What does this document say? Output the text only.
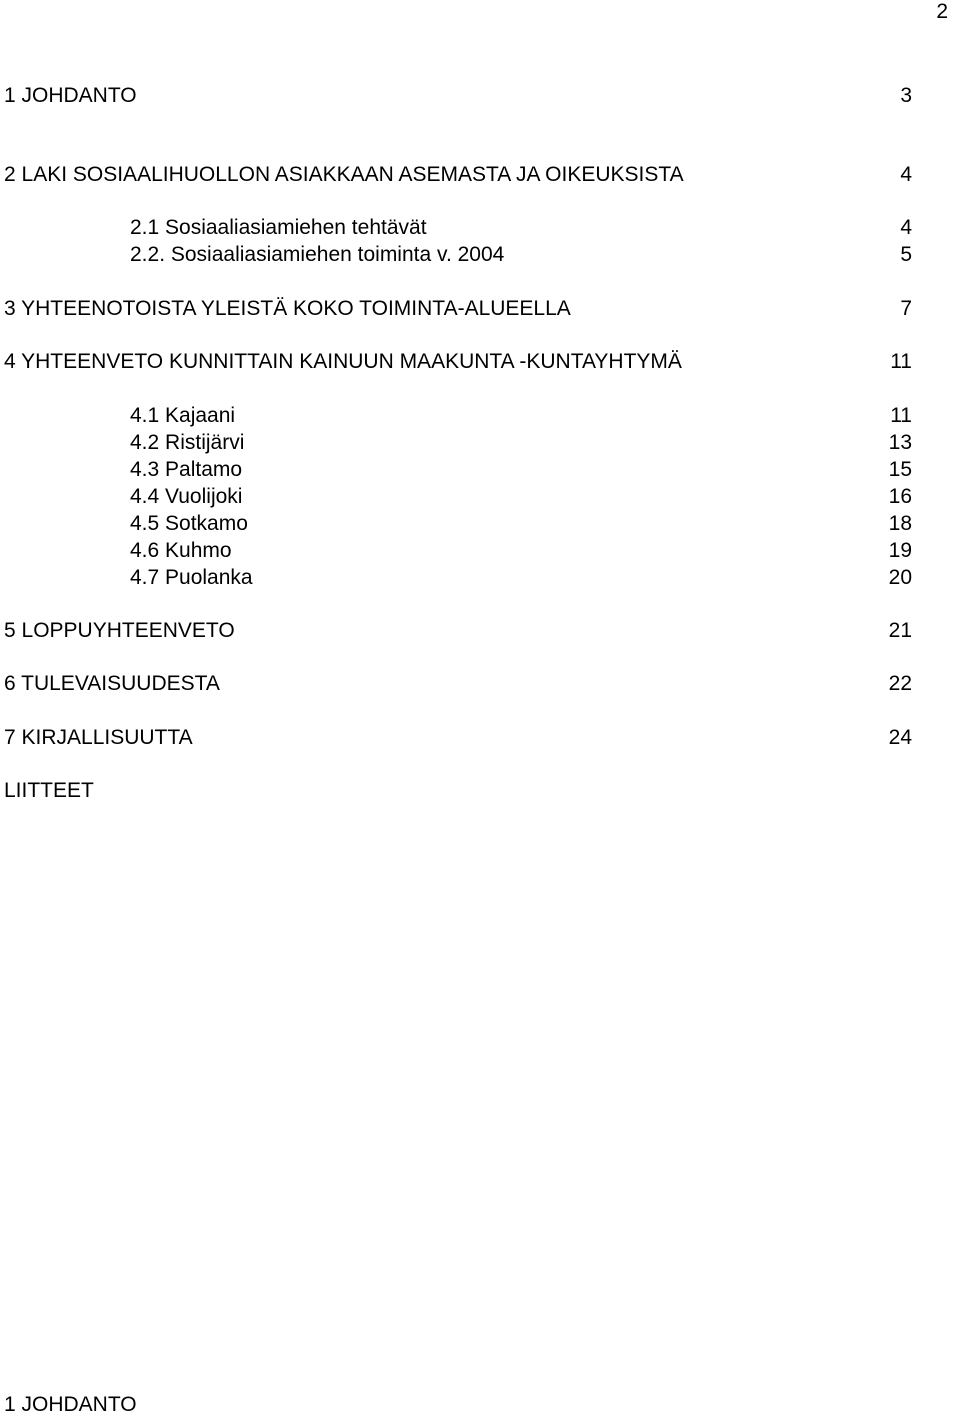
2
1 JOHDANTO	3
2 LAKI SOSIAALIHUOLLON ASIAKKAAN ASEMASTA JA OIKEUKSISTA	4
2.1 Sosiaaliasiamiehen tehtävät	4
2.2. Sosiaaliasiamiehen toiminta v. 2004	5
3 YHTEENOTOISTA YLEISTÄ KOKO TOIMINTA-ALUEELLA	7
4 YHTEENVETO KUNNITTAIN KAINUUN MAAKUNTA -KUNTAYHTYMÄ	11
4.1 Kajaani	11
4.2 Ristijärvi	13
4.3 Paltamo	15
4.4 Vuolijoki	16
4.5 Sotkamo	18
4.6 Kuhmo	19
4.7 Puolanka	20
5 LOPPUYHTEENVETO	21
6 TULEVAISUUDESTA	22
7 KIRJALLISUUTTA	24
LIITTEET
1 JOHDANTO
